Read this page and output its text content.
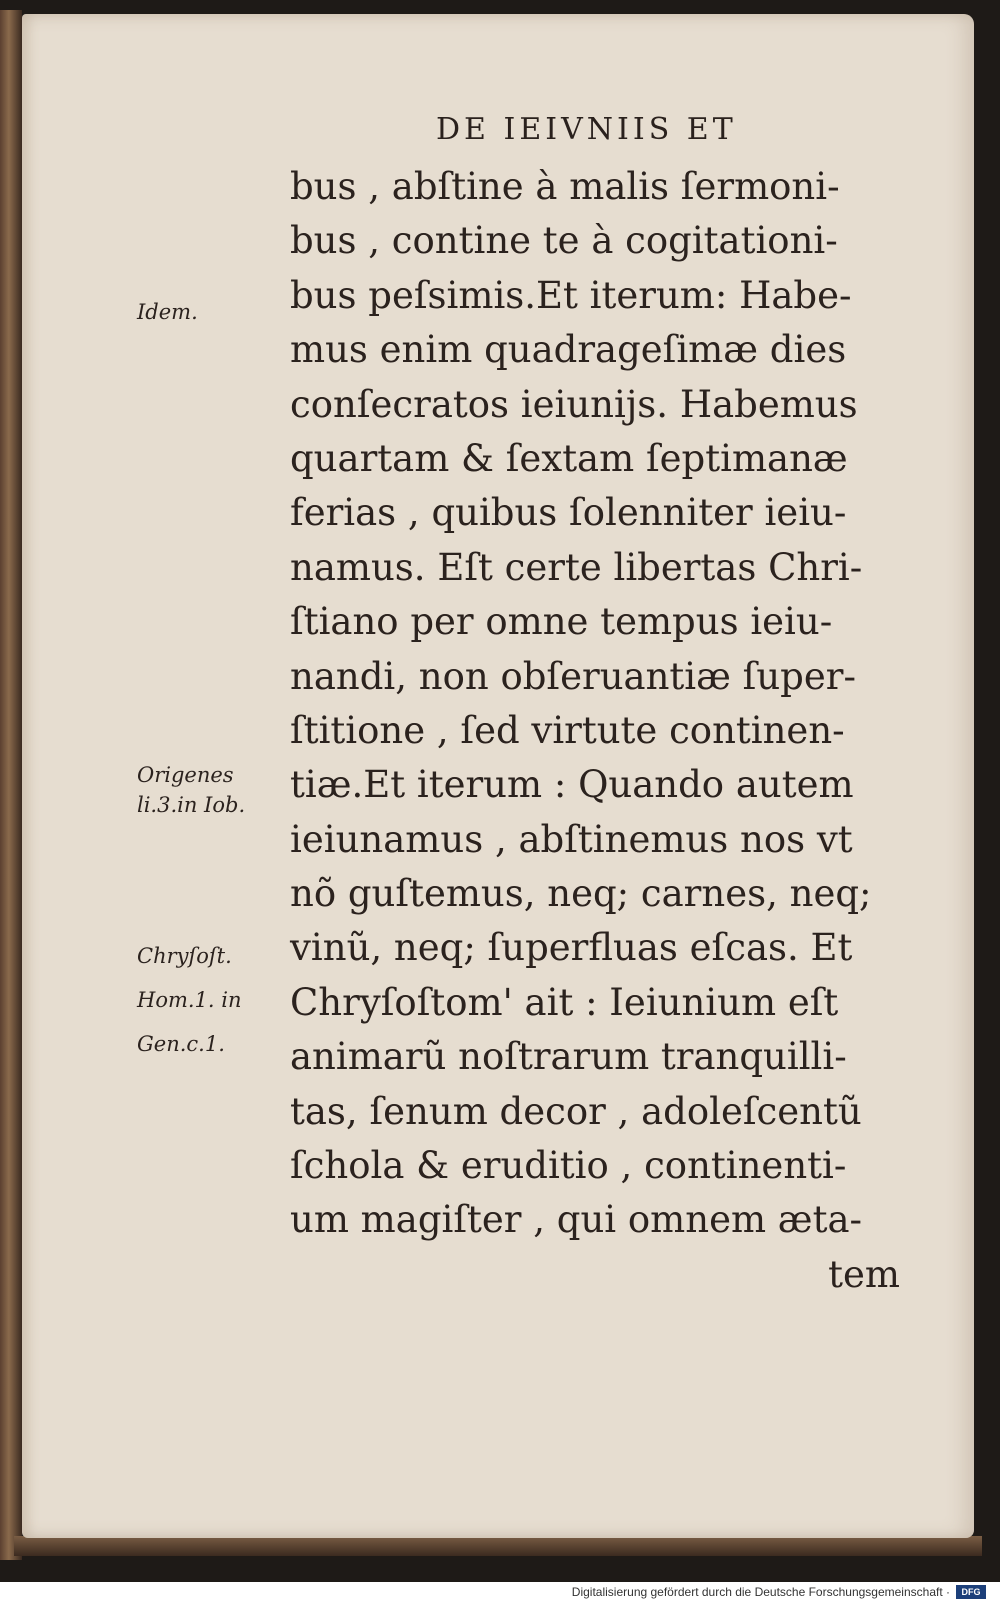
DE IEIVNIIS ET
bus , abſtine à malis ſermoni-
bus , contine te à cogitationi-
bus peſsimis.Et iterum: Habe-
mus enim quadrageſimæ dies
conſecratos ieiunijs. Habemus
quartam & ſextam ſeptimanæ
ferias , quibus ſolenniter ieiu-
namus. Eſt certe libertas Chri-
ſtiano per omne tempus ieiu-
nandi, non obſeruantiæ ſuper-
ſtitione , ſed virtute continen-
tiæ.Et iterum : Quando autem
ieiunamus , abſtinemus nos vt
nõ guſtemus, neq; carnes, neq;
vinũ, neq; ſuperfluas eſcas. Et
Chryſoſtom' ait : Ieiunium eſt
animarũ noſtrarum tranquilli-
tas, ſenum decor , adoleſcentũ
ſchola & eruditio , continenti-
um magiſter , qui omnem æta-
tem
Idem.
Origenes
li.3.in Iob.
Chryſoſt.
Hom.1. in
Gen.c.1.
Digitalisierung gefördert durch die Deutsche Forschungsgemeinschaft ·	DFG
